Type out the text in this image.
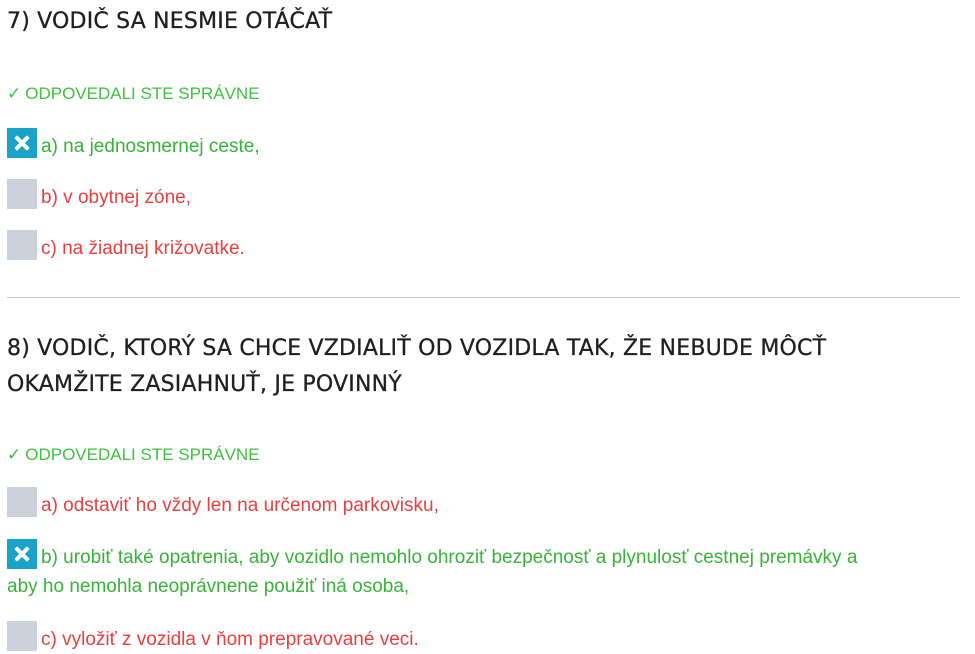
7) VODIČ SA NESMIE OTÁČAŤ
✓ ODPOVEDALI STE SPRÁVNE
a) na jednosmernej ceste,
b) v obytnej zóne,
c) na žiadnej križovatke.
8) VODIČ, KTORÝ SA CHCE VZDIALIŤ OD VOZIDLA TAK, ŽE NEBUDE MÔCŤ
OKAMŽITE ZASIAHNUŤ, JE POVINNÝ
✓ ODPOVEDALI STE SPRÁVNE
a) odstaviť ho vždy len na určenom parkovisku,
b) urobiť také opatrenia, aby vozidlo nemohlo ohroziť bezpečnosť a plynulosť cestnej premávky a
aby ho nemohla neoprávnene použiť iná osoba,
c) vyložiť z vozidla v ňom prepravované veci.
